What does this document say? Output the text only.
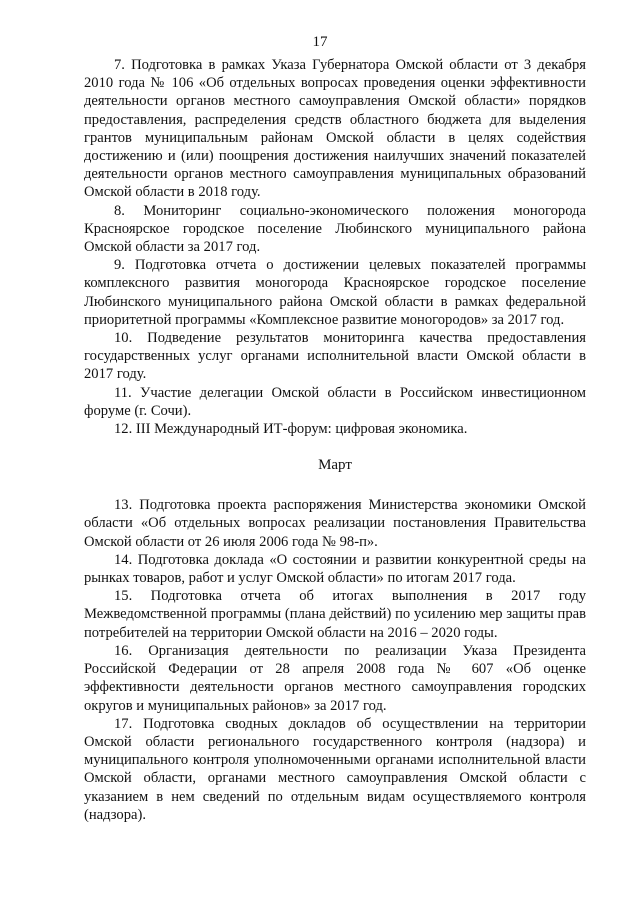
17

7. Подготовка в рамках Указа Губернатора Омской области от 3 декабря 2010 года № 106 «Об отдельных вопросах проведения оценки эффективности деятельности органов местного самоуправления Омской области» порядков предоставления, распределения средств областного бюджета для выделения грантов муниципальным районам Омской области в целях содействия достижению и (или) поощрения достижения наилучших значений показателей деятельности органов местного самоуправления муниципальных образований Омской области в 2018 году.

8. Мониторинг социально-экономического положения моногорода Красноярское городское поселение Любинского муниципального района Омской области за 2017 год.

9. Подготовка отчета о достижении целевых показателей программы комплексного развития моногорода Красноярское городское поселение Любинского муниципального района Омской области в рамках федеральной приоритетной программы «Комплексное развитие моногородов» за 2017 год.

10. Подведение результатов мониторинга качества предоставления государственных услуг органами исполнительной власти Омской области в 2017 году.

11. Участие делегации Омской области в Российском инвестиционном форуме (г. Сочи).

12. III Международный ИТ-форум: цифровая экономика.

Март

13. Подготовка проекта распоряжения Министерства экономики Омской области «Об отдельных вопросах реализации постановления Правительства Омской области от 26 июля 2006 года № 98-п».

14. Подготовка доклада «О состоянии и развитии конкурентной среды на рынках товаров, работ и услуг Омской области» по итогам 2017 года.

15. Подготовка отчета об итогах выполнения в 2017 году Межведомственной программы (плана действий) по усилению мер защиты прав потребителей на территории Омской области на 2016 – 2020 годы.

16. Организация деятельности по реализации Указа Президента Российской Федерации от 28 апреля 2008 года № 607 «Об оценке эффективности деятельности органов местного самоуправления городских округов и муниципальных районов» за 2017 год.

17. Подготовка сводных докладов об осуществлении на территории Омской области регионального государственного контроля (надзора) и муниципального контроля уполномоченными органами исполнительной власти Омской области, органами местного самоуправления Омской области с указанием в нем сведений по отдельным видам осуществляемого контроля (надзора).
